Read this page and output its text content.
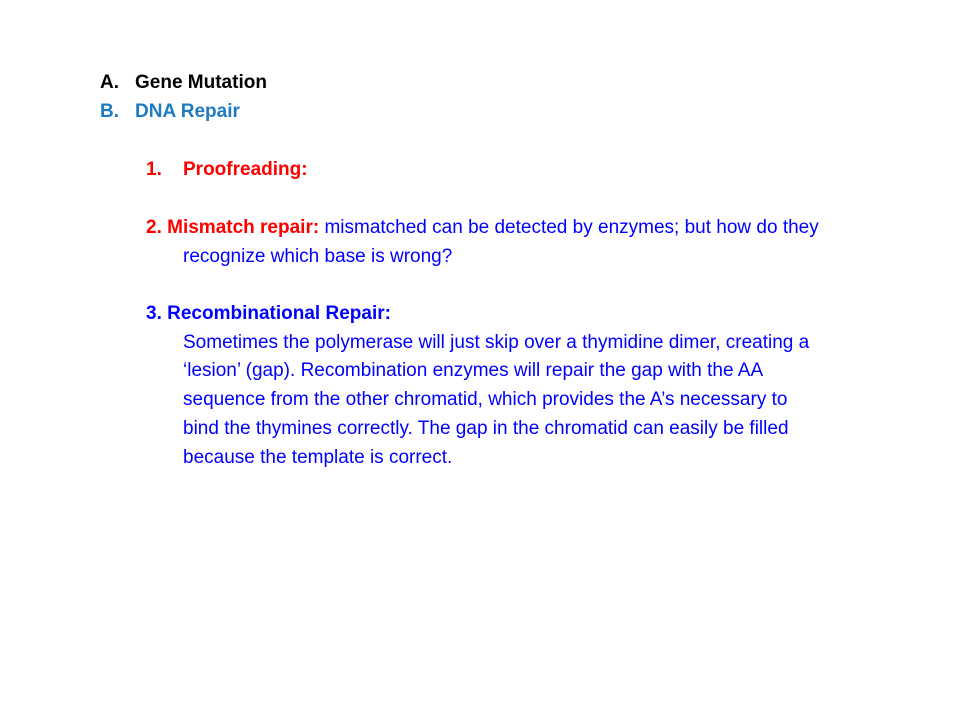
A. Gene Mutation
B. DNA Repair
1. Proofreading:
2. Mismatch repair: mismatched can be detected by enzymes; but how do they
recognize which base is wrong?
3. Recombinational Repair:
Sometimes the polymerase will just skip over a thymidine dimer, creating a
‘lesion’ (gap). Recombination enzymes will repair the gap with the AA
sequence from the other chromatid, which provides the A’s necessary to
bind the thymines correctly. The gap in the chromatid can easily be filled
because the template is correct.
